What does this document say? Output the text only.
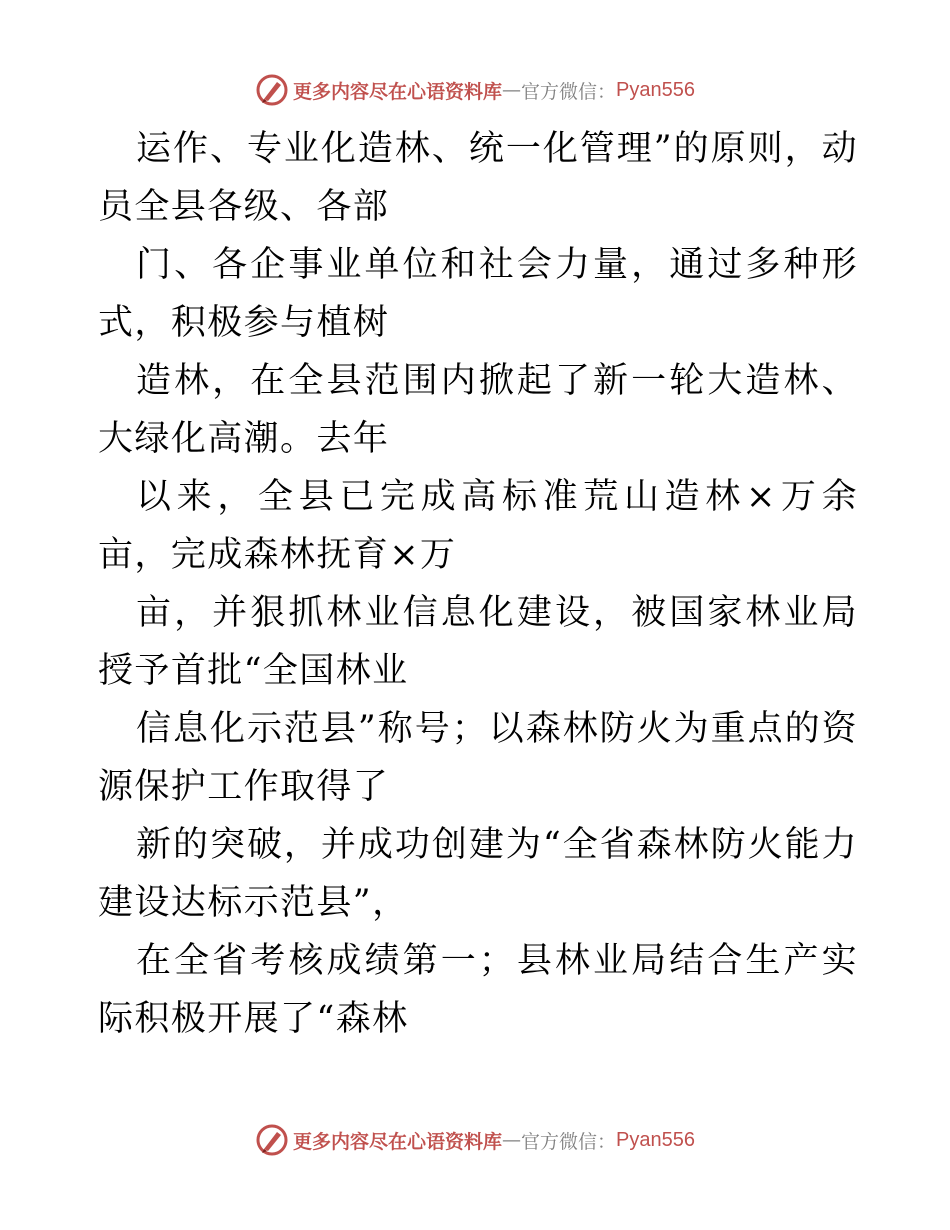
更多内容尽在心语资料库 — 官方微信： Pyan556

运作、专业化造林、统一化管理”的原则，动员全县各级、各部

门、各企事业单位和社会力量，通过多种形式，积极参与植树

造林，在全县范围内掀起了新一轮大造林、大绿化高潮。去年

以来，全县已完成高标准荒山造林×万余亩，完成森林抚育×万

亩，并狠抓林业信息化建设，被国家林业局授予首批“全国林业

信息化示范县”称号；以森林防火为重点的资源保护工作取得了

新的突破，并成功创建为“全省森林防火能力建设达标示范县”，

在全省考核成绩第一；县林业局结合生产实际积极开展了“森林

更多内容尽在心语资料库 — 官方微信： Pyan556
